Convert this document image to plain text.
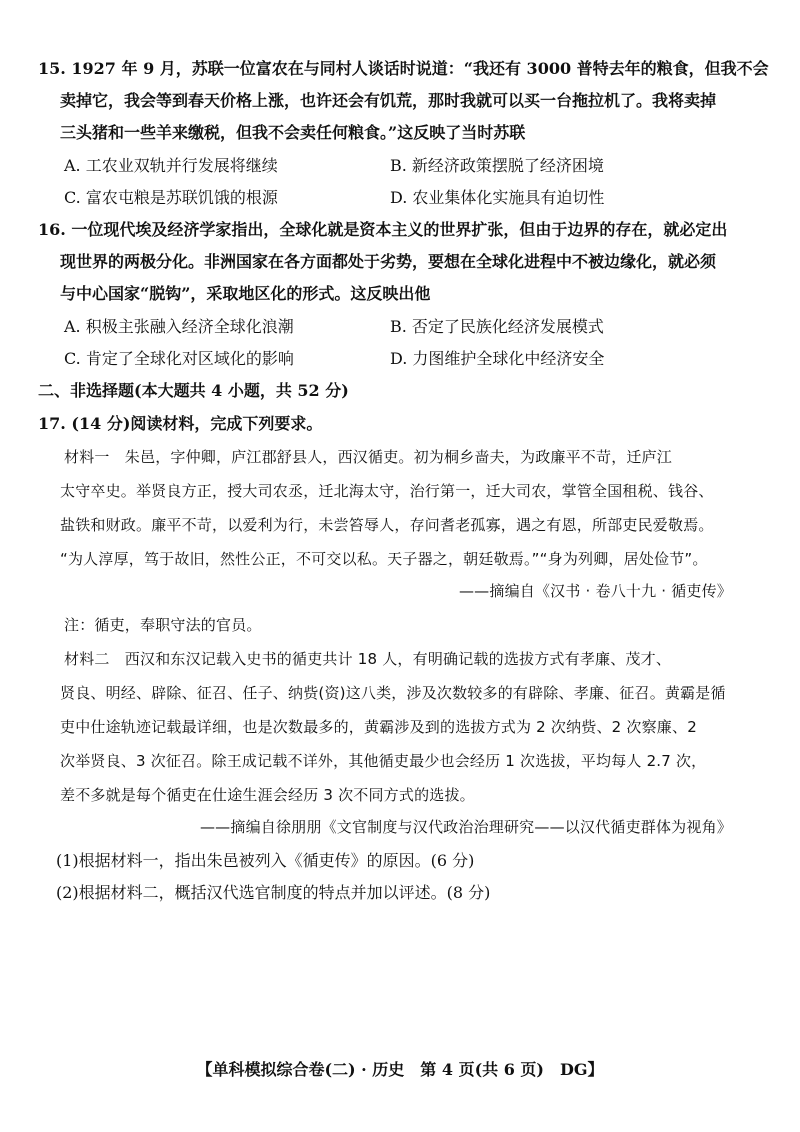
15. 1927 年 9 月，苏联一位富农在与同村人谈话时说道：“我还有 3000 普特去年的粮食，但我不会
卖掉它，我会等到春天价格上涨，也许还会有饥荒，那时我就可以买一台拖拉机了。我将卖掉
三头猪和一些羊来缴税，但我不会卖任何粮食。”这反映了当时苏联
A. 工农业双轨并行发展将继续	B. 新经济政策摆脱了经济困境
C. 富农屯粮是苏联饥饿的根源	D. 农业集体化实施具有迫切性
16. 一位现代埃及经济学家指出，全球化就是资本主义的世界扩张，但由于边界的存在，就必定出
现世界的两极分化。非洲国家在各方面都处于劣势，要想在全球化进程中不被边缘化，就必须
与中心国家“脱钩”，采取地区化的形式。这反映出他
A. 积极主张融入经济全球化浪潮	B. 否定了民族化经济发展模式
C. 肯定了全球化对区域化的影响	D. 力图维护全球化中经济安全
二、非选择题(本大题共 4 小题，共 52 分)
17. (14 分)阅读材料，完成下列要求。
材料一　朱邑，字仲卿，庐江郡舒县人，西汉循吏。初为桐乡啬夫，为政廉平不苛，迁庐江
太守卒史。举贤良方正，授大司农丞，迁北海太守，治行第一，迁大司农，掌管全国租税、钱谷、
盐铁和财政。廉平不苛，以爱利为行，未尝笞辱人，存问耆老孤寡，遇之有恩，所部吏民爱敬焉。
“为人淳厚，笃于故旧，然性公正，不可交以私。天子器之，朝廷敬焉。”“身为列卿，居处俭节”。
——摘编自《汉书 · 卷八十九 · 循吏传》
注：循吏，奉职守法的官员。
材料二　西汉和东汉记载入史书的循吏共计 18 人，有明确记载的选拔方式有孝廉、茂才、
贤良、明经、辟除、征召、任子、纳赀(资)这八类，涉及次数较多的有辟除、孝廉、征召。黄霸是循
吏中仕途轨迹记载最详细，也是次数最多的，黄霸涉及到的选拔方式为 2 次纳赀、2 次察廉、2
次举贤良、3 次征召。除王成记载不详外，其他循吏最少也会经历 1 次选拔，平均每人 2.7 次，
差不多就是每个循吏在仕途生涯会经历 3 次不同方式的选拔。
——摘编自徐朋朋《文官制度与汉代政治治理研究——以汉代循吏群体为视角》
(1)根据材料一，指出朱邑被列入《循吏传》的原因。(6 分)
(2)根据材料二，概括汉代选官制度的特点并加以评述。(8 分)
【单科模拟综合卷(二) · 历史　第 4 页(共 6 页)　DG】
